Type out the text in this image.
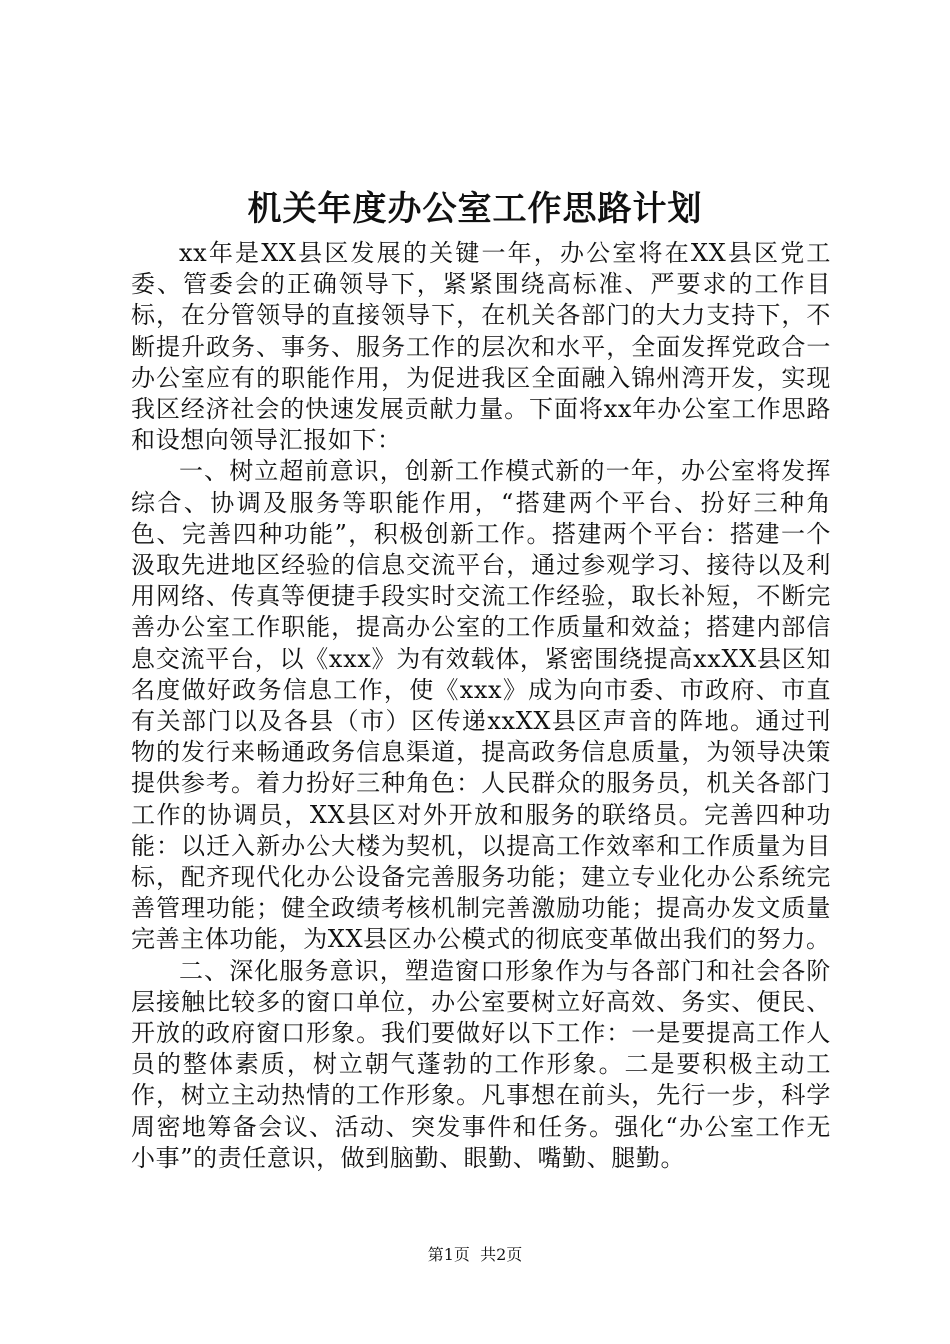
机关年度办公室工作思路计划

xx年是XX县区发展的关键一年，办公室将在XX县区党工委、管委会的正确领导下，紧紧围绕高标准、严要求的工作目标，在分管领导的直接领导下，在机关各部门的大力支持下，不断提升政务、事务、服务工作的层次和水平，全面发挥党政合一办公室应有的职能作用，为促进我区全面融入锦州湾开发，实现我区经济社会的快速发展贡献力量。下面将xx年办公室工作思路和设想向领导汇报如下：

一、树立超前意识，创新工作模式新的一年，办公室将发挥综合、协调及服务等职能作用，“搭建两个平台、扮好三种角色、完善四种功能”，积极创新工作。搭建两个平台：搭建一个汲取先进地区经验的信息交流平台，通过参观学习、接待以及利用网络、传真等便捷手段实时交流工作经验，取长补短，不断完善办公室工作职能，提高办公室的工作质量和效益；搭建内部信息交流平台，以《xxx》为有效载体，紧密围绕提高xxXX县区知名度做好政务信息工作，使《xxx》成为向市委、市政府、市直有关部门以及各县（市）区传递xxXX县区声音的阵地。通过刊物的发行来畅通政务信息渠道，提高政务信息质量，为领导决策提供参考。着力扮好三种角色：人民群众的服务员，机关各部门工作的协调员，XX县区对外开放和服务的联络员。完善四种功能：以迁入新办公大楼为契机，以提高工作效率和工作质量为目标，配齐现代化办公设备完善服务功能；建立专业化办公系统完善管理功能；健全政绩考核机制完善激励功能；提高办发文质量完善主体功能，为XX县区办公模式的彻底变革做出我们的努力。

二、深化服务意识，塑造窗口形象作为与各部门和社会各阶层接触比较多的窗口单位，办公室要树立好高效、务实、便民、开放的政府窗口形象。我们要做好以下工作：一是要提高工作人员的整体素质，树立朝气蓬勃的工作形象。二是要积极主动工作，树立主动热情的工作形象。凡事想在前头，先行一步，科学周密地筹备会议、活动、突发事件和任务。强化“办公室工作无小事”的责任意识，做到脑勤、眼勤、嘴勤、腿勤。

第1页 共2页
